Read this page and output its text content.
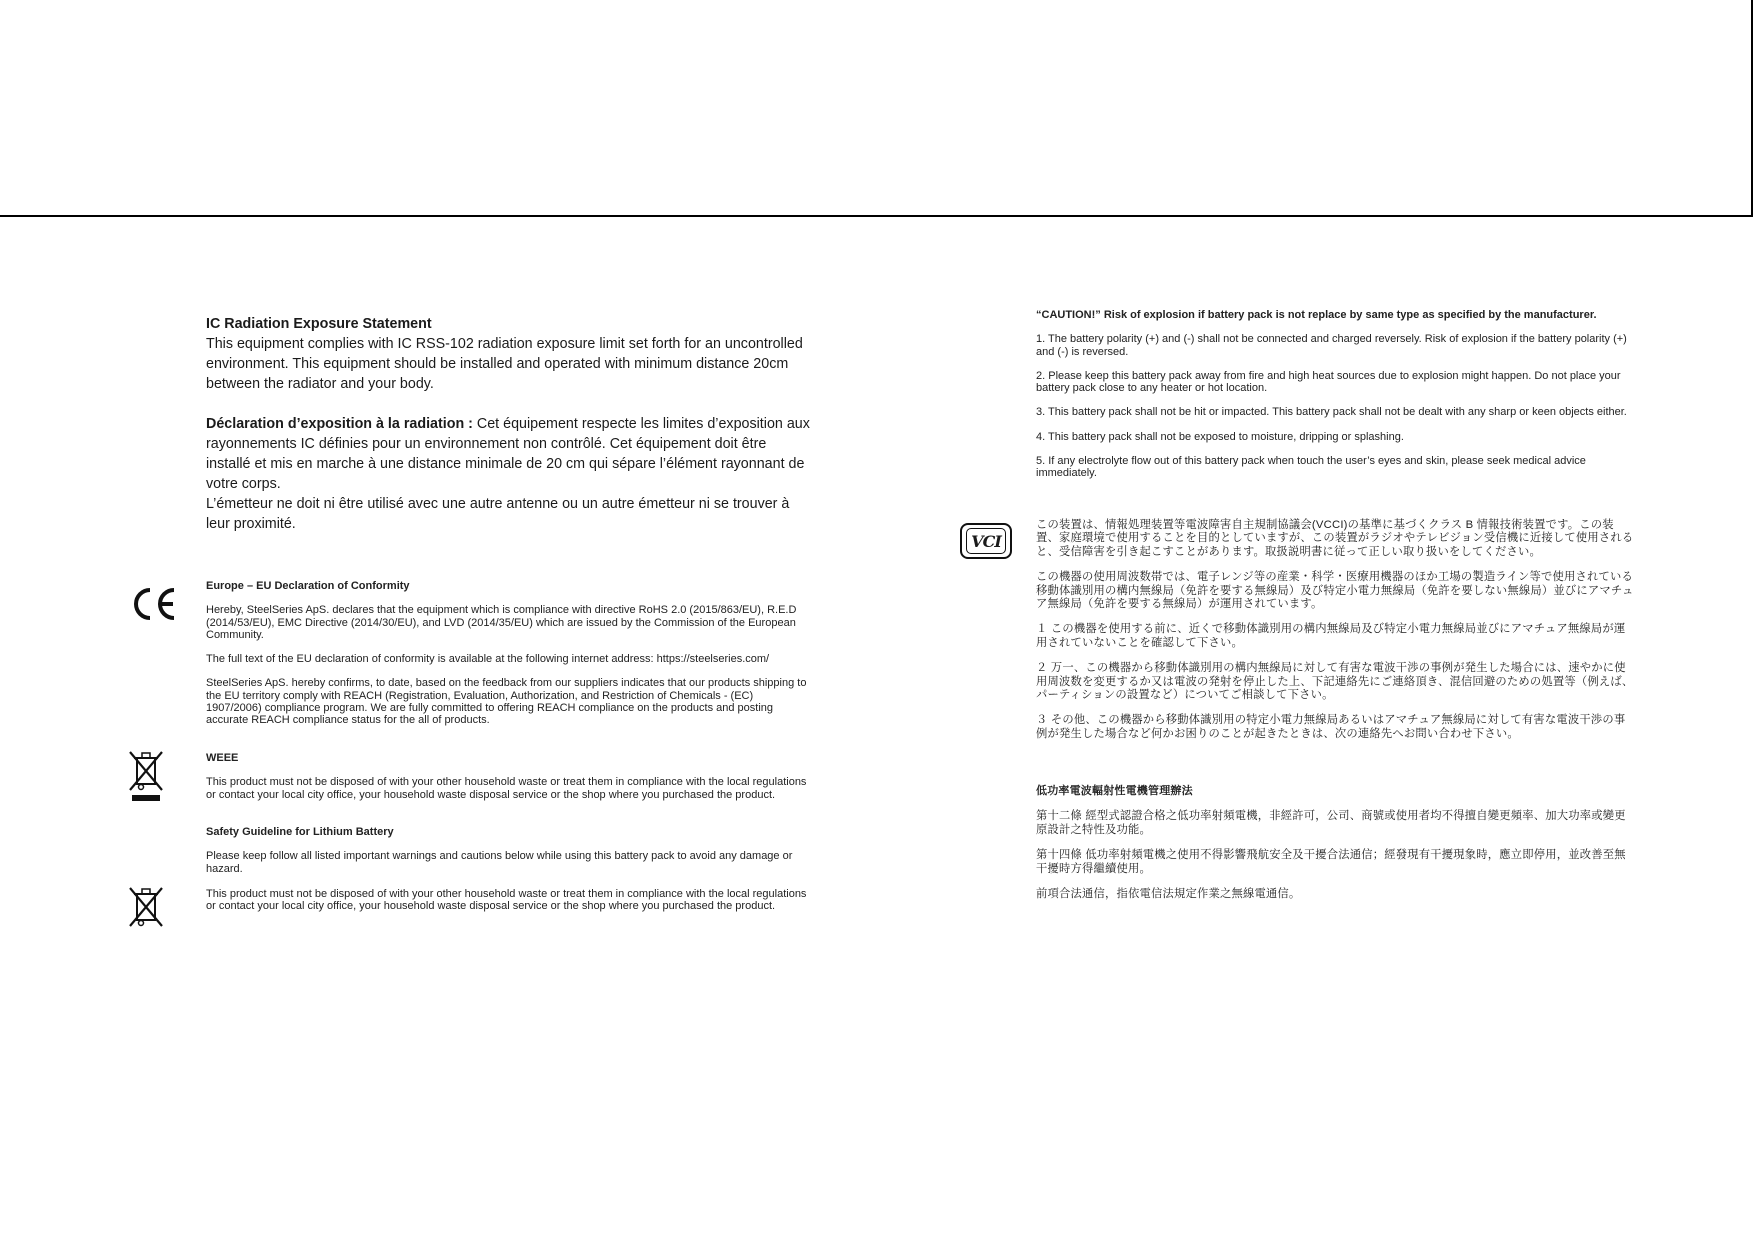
IC Radiation Exposure Statement

This equipment complies with IC RSS-102 radiation exposure limit set forth for an uncontrolled environment. This equipment should be installed and operated with minimum distance 20cm between the radiator and your body.

Déclaration d’exposition à la radiation : Cet équipement respecte les limites d’exposition aux rayonnements IC définies pour un environnement non contrôlé. Cet équipement doit être installé et mis en marche à une distance minimale de 20 cm qui sépare l’élément rayonnant de votre corps.

L’émetteur ne doit ni être utilisé avec une autre antenne ou un autre émetteur ni se trouver à leur proximité.

Europe – EU Declaration of Conformity

Hereby, SteelSeries ApS. declares that the equipment which is compliance with directive RoHS 2.0 (2015/863/EU), R.E.D (2014/53/EU), EMC Directive (2014/30/EU), and LVD (2014/35/EU) which are issued by the Commission of the European Community.

The full text of the EU declaration of conformity is available at the following internet address: https://steelseries.com/

SteelSeries ApS. hereby confirms, to date, based on the feedback from our suppliers indicates that our products shipping to the EU territory comply with REACH (Registration, Evaluation, Authorization, and Restriction of Chemicals - (EC) 1907/2006) compliance program. We are fully committed to offering REACH compliance on the products and posting accurate REACH compliance status for the all of products.

WEEE

This product must not be disposed of with your other household waste or treat them in compliance with the local regulations or contact your local city office, your household waste disposal service or the shop where you purchased the product.

Safety Guideline for Lithium Battery

Please keep follow all listed important warnings and cautions below while using this battery pack to avoid any damage or hazard.

This product must not be disposed of with your other household waste or treat them in compliance with the local regulations or contact your local city office, your household waste disposal service or the shop where you purchased the product.

“CAUTION!” Risk of explosion if battery pack is not replace by same type as specified by the manufacturer.

1. The battery polarity (+) and (-) shall not be connected and charged reversely. Risk of explosion if the battery polarity (+) and (-) is reversed.

2. Please keep this battery pack away from fire and high heat sources due to explosion might happen. Do not place your battery pack close to any heater or hot location.

3. This battery pack shall not be hit or impacted. This battery pack shall not be dealt with any sharp or keen objects either.

4. This battery pack shall not be exposed to moisture, dripping or splashing.

5. If any electrolyte flow out of this battery pack when touch the user’s eyes and skin, please seek medical advice immediately.

VCI

この装置は、情報処理装置等電波障害自主規制協議会(VCCI)の基準に基づくクラス B 情報技術装置です。この装置、家庭環境で使用することを目的としていますが、この装置がラジオやテレビジョン受信機に近接して使用されると、受信障害を引き起こすことがあります。取扱説明書に従って正しい取り扱いをしてください。

この機器の使用周波数帯では、電子レンジ等の産業・科学・医療用機器のほか工場の製造ライン等で使用されている移動体識別用の構内無線局（免許を要する無線局）及び特定小電力無線局（免許を要しない無線局）並びにアマチュア無線局（免許を要する無線局）が運用されています。

１ この機器を使用する前に、近くで移動体識別用の構内無線局及び特定小電力無線局並びにアマチュア無線局が運用されていないことを確認して下さい。

２ 万一、この機器から移動体識別用の構内無線局に対して有害な電波干渉の事例が発生した場合には、速やかに使用周波数を変更するか又は電波の発射を停止した上、下記連絡先にご連絡頂き、混信回避のための処置等（例えば、パーティションの設置など）についてご相談して下さい。

３ その他、この機器から移動体識別用の特定小電力無線局あるいはアマチュア無線局に対して有害な電波干渉の事例が発生した場合など何かお困りのことが起きたときは、次の連絡先へお問い合わせ下さい。

低功率電波輻射性電機管理辦法

第十二條 經型式認證合格之低功率射頻電機，非經許可，公司、商號或使用者均不得擅自變更頻率、加大功率或變更原設計之特性及功能。

第十四條 低功率射頻電機之使用不得影響飛航安全及干擾合法通信；經發現有干擾現象時，應立即停用，並改善至無干擾時方得繼續使用。

前項合法通信，指依電信法規定作業之無線電通信。
